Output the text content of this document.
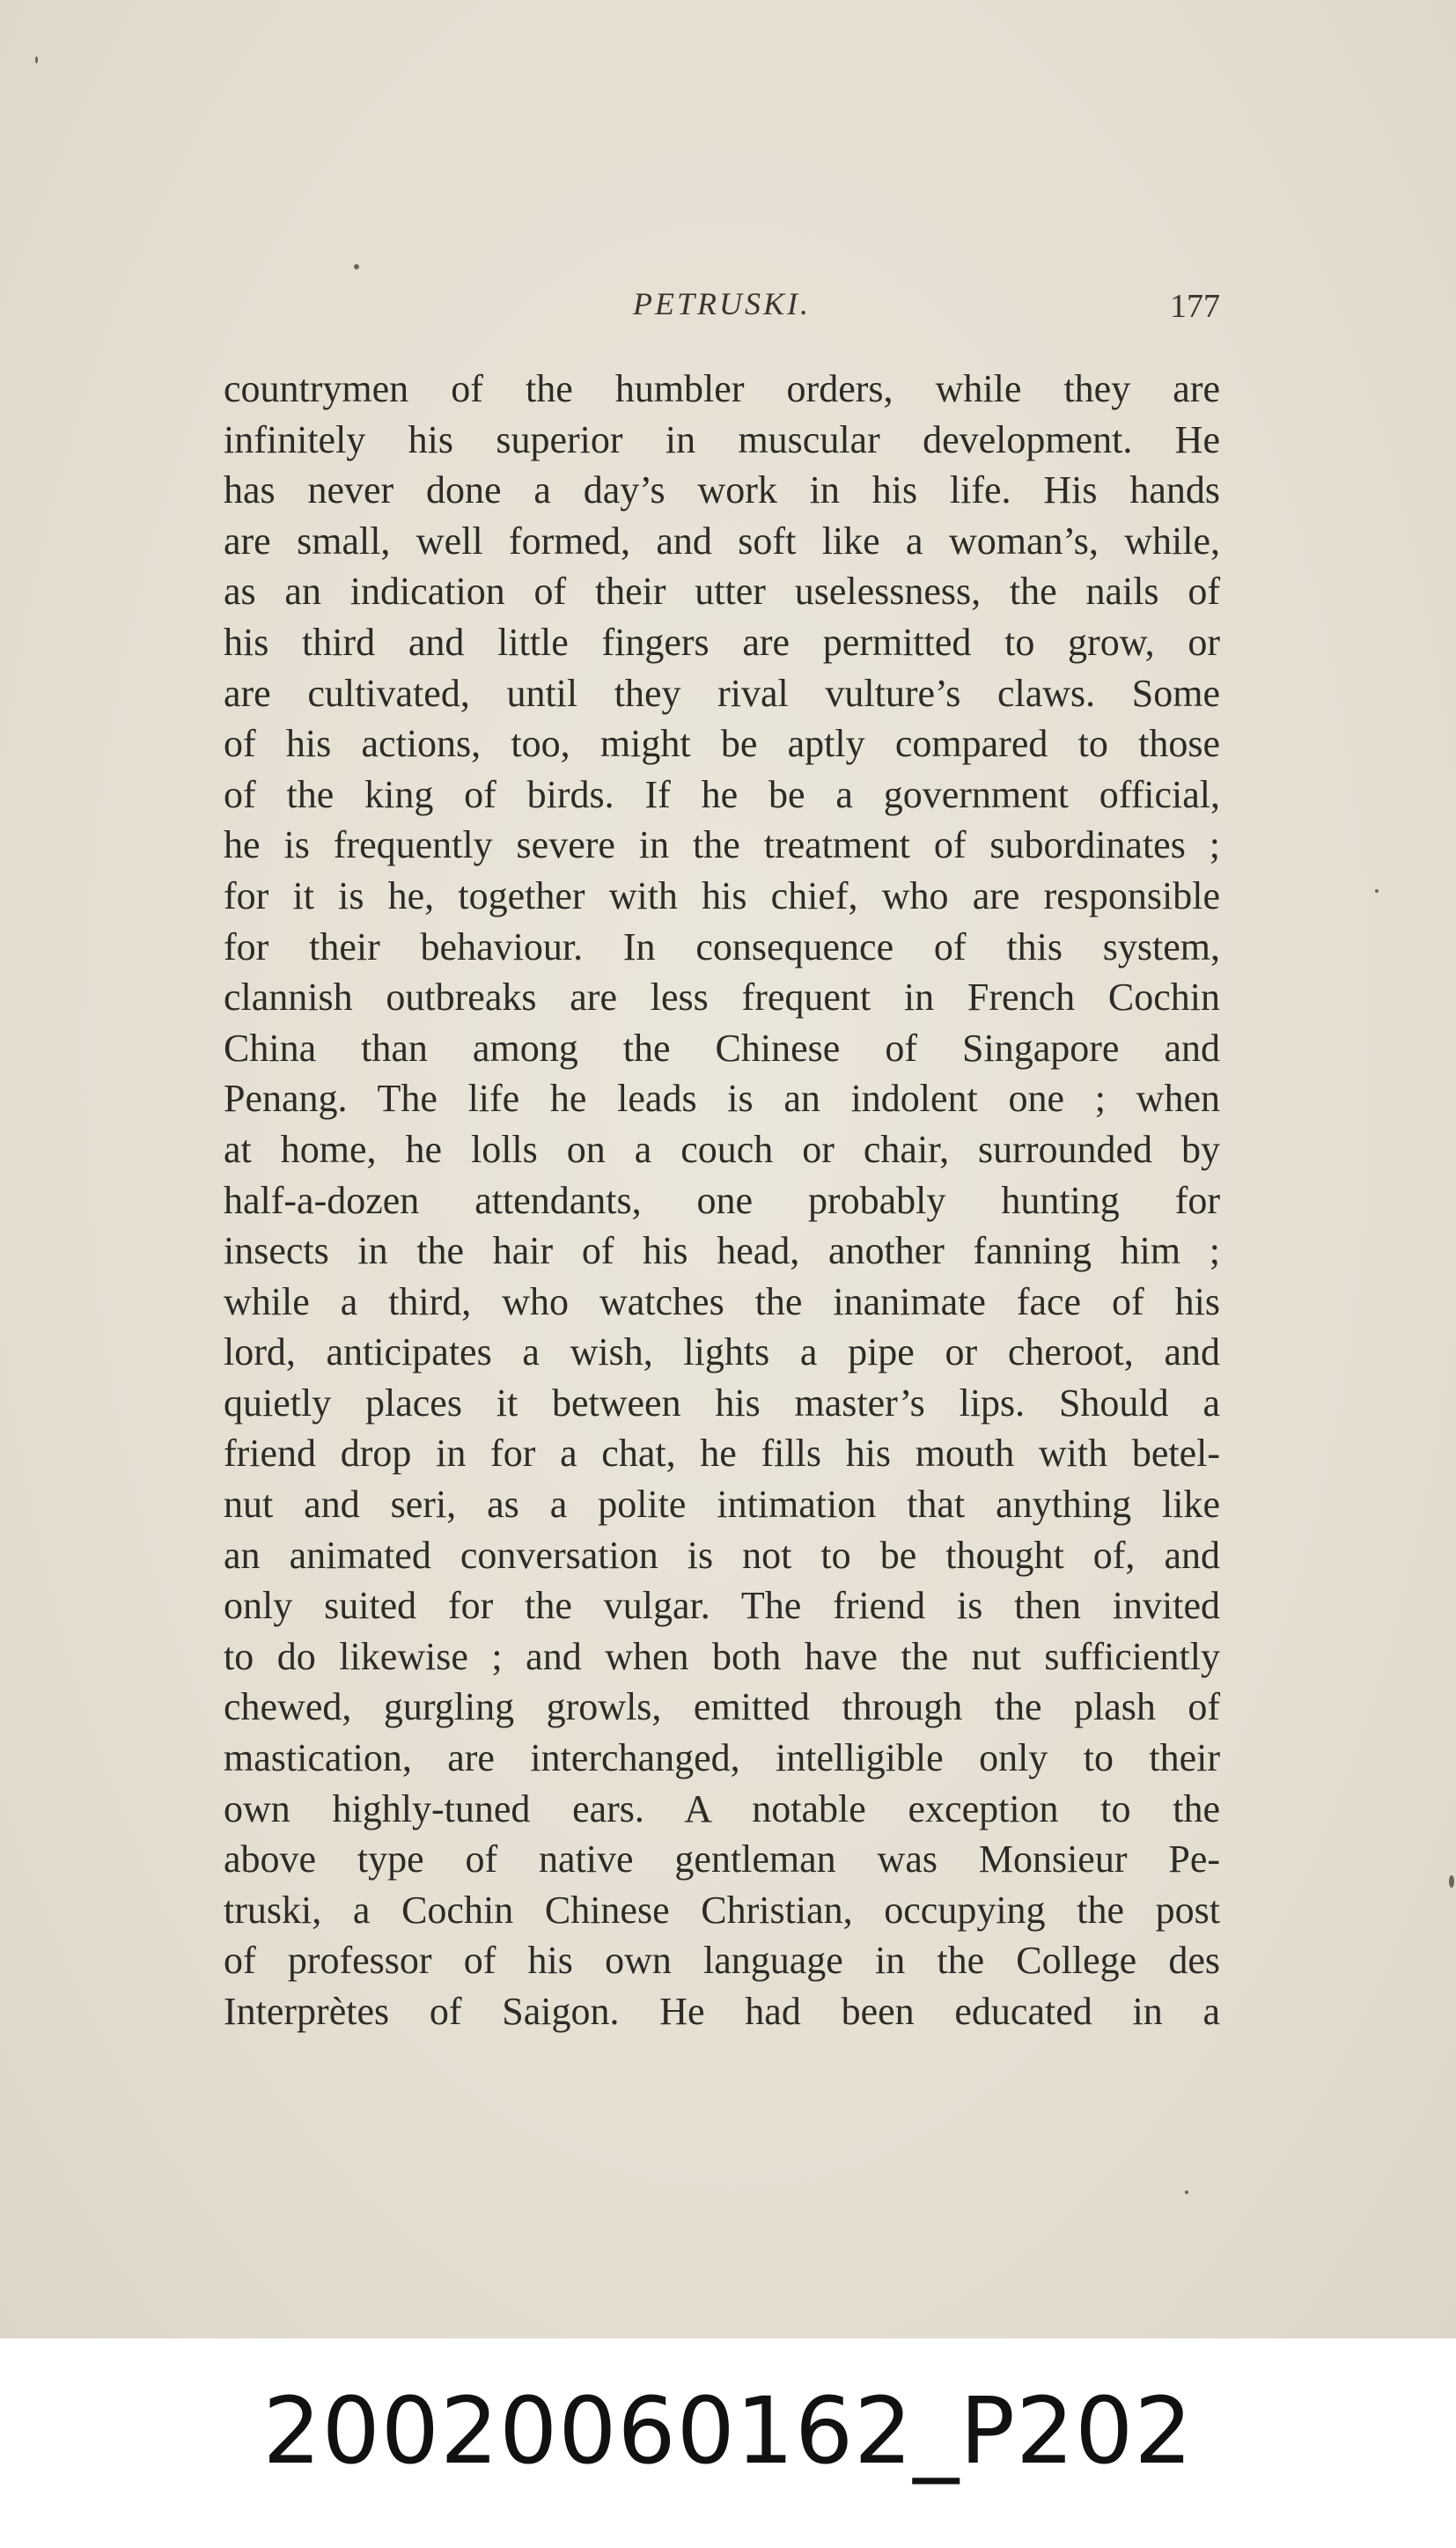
PETRUSKI.	177
countrymen of the humbler orders, while they are
infinitely his superior in muscular development. He
has never done a day’s work in his life. His hands
are small, well formed, and soft like a woman’s, while,
as an indication of their utter uselessness, the nails of
his third and little fingers are permitted to grow, or
are cultivated, until they rival vulture’s claws. Some
of his actions, too, might be aptly compared to those
of the king of birds. If he be a government official,
he is frequently severe in the treatment of subordinates ;
for it is he, together with his chief, who are responsible
for their behaviour. In consequence of this system,
clannish outbreaks are less frequent in French Cochin
China than among the Chinese of Singapore and
Penang. The life he leads is an indolent one ; when
at home, he lolls on a couch or chair, surrounded by
half-a-dozen attendants, one probably hunting for
insects in the hair of his head, another fanning him ;
while a third, who watches the inanimate face of his
lord, anticipates a wish, lights a pipe or cheroot, and
quietly places it between his master’s lips. Should a
friend drop in for a chat, he fills his mouth with betel-
nut and seri, as a polite intimation that anything like
an animated conversation is not to be thought of, and
only suited for the vulgar. The friend is then invited
to do likewise ; and when both have the nut sufficiently
chewed, gurgling growls, emitted through the plash of
mastication, are interchanged, intelligible only to their
own highly-tuned ears. A notable exception to the
above type of native gentleman was Monsieur Pe-
truski, a Cochin Chinese Christian, occupying the post
of professor of his own language in the College des
Interprètes of Saigon. He had been educated in a
20020060162_P202
